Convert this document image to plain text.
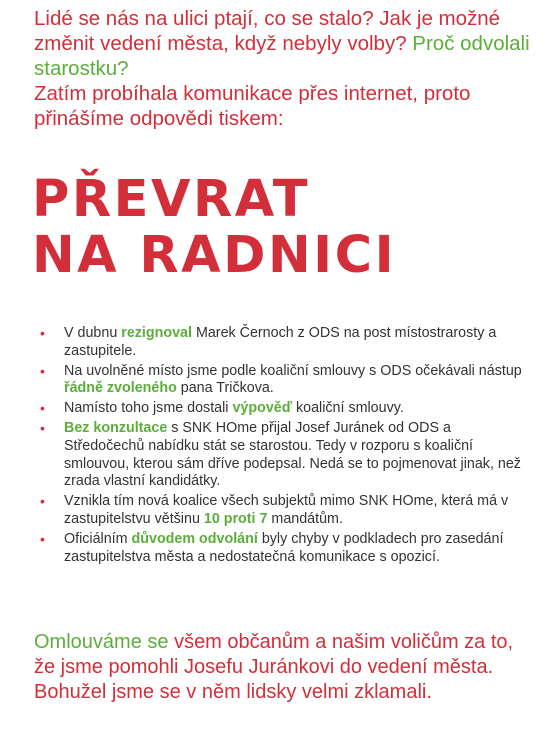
Lidé se nás na ulici ptají, co se stalo? Jak je možné změnit vedení města, když nebyly volby? Proč odvolali starostku?
Zatím probíhala komunikace přes internet, proto přinášíme odpovědi tiskem:

PŘEVRAT
NA RADNICI
• V dubnu rezignoval Marek Černoch z ODS na post místostrarosty a zastupitele.
• Na uvolněné místo jsme podle koaliční smlouvy s ODS očekávali nástup řádně zvoleného pana Tričkova.
• Namísto toho jsme dostali výpověď koaliční smlouvy.
• Bez konzultace s SNK HOme přijal Josef Juránek od ODS a Středočechů nabídku stát se starostou. Tedy v rozporu s koaliční smlouvou, kterou sám dříve podepsal. Nedá se to pojmenovat jinak, než zrada vlastní kandidátky.
• Vznikla tím nová koalice všech subjektů mimo SNK HOme, která má v zastupitelstvu většinu 10 proti 7 mandátům.
• Oficiálním důvodem odvolání byly chyby v podkladech pro zasedání zastupitelstva města a nedostatečná komunikace s opozicí.

Omlouváme se všem občanům a našim voličům za to, že jsme pomohli Josefu Juránkovi do vedení města. Bohužel jsme se v něm lidsky velmi zklamali.
